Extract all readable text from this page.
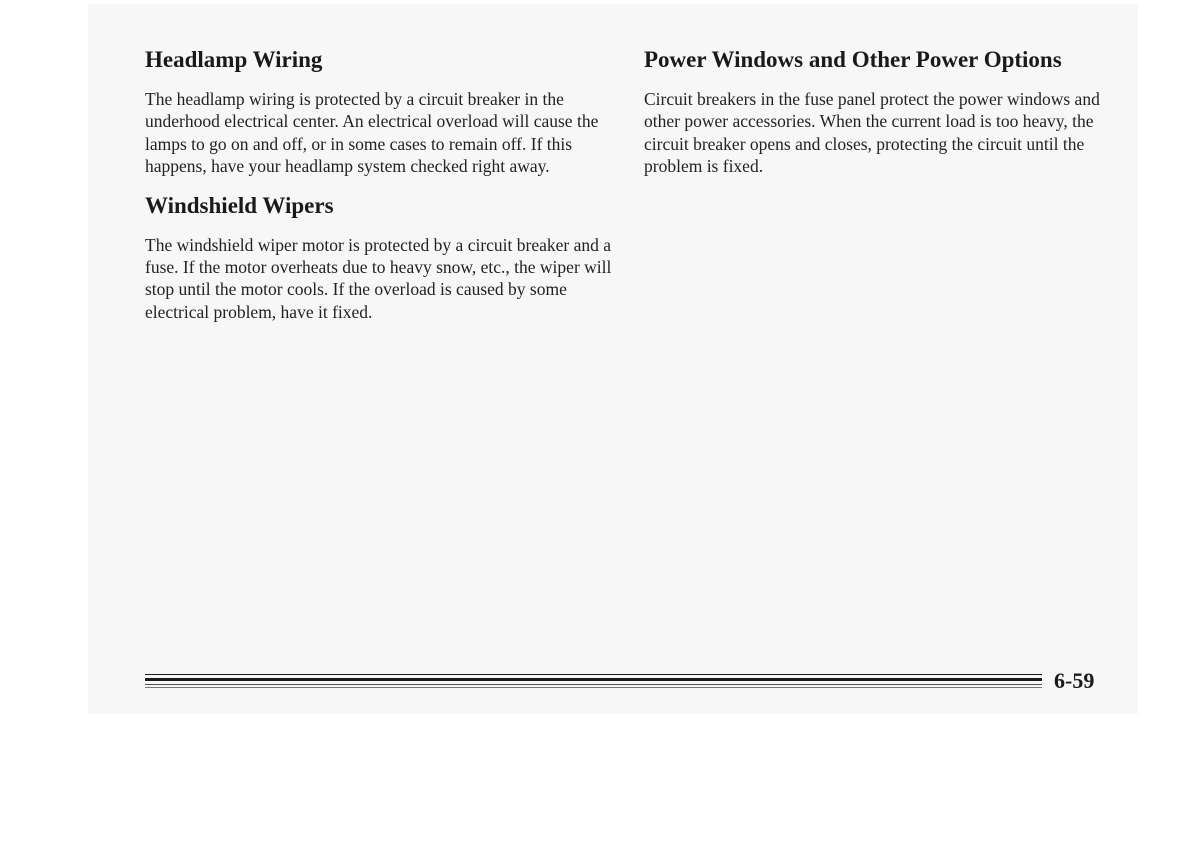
Headlamp Wiring

The headlamp wiring is protected by a circuit breaker in the underhood electrical center. An electrical overload will cause the lamps to go on and off, or in some cases to remain off. If this happens, have your headlamp system checked right away.

Windshield Wipers

The windshield wiper motor is protected by a circuit breaker and a fuse. If the motor overheats due to heavy snow, etc., the wiper will stop until the motor cools. If the overload is caused by some electrical problem, have it fixed.

Power Windows and Other Power Options

Circuit breakers in the fuse panel protect the power windows and other power accessories. When the current load is too heavy, the circuit breaker opens and closes, protecting the circuit until the problem is fixed.

6-59
